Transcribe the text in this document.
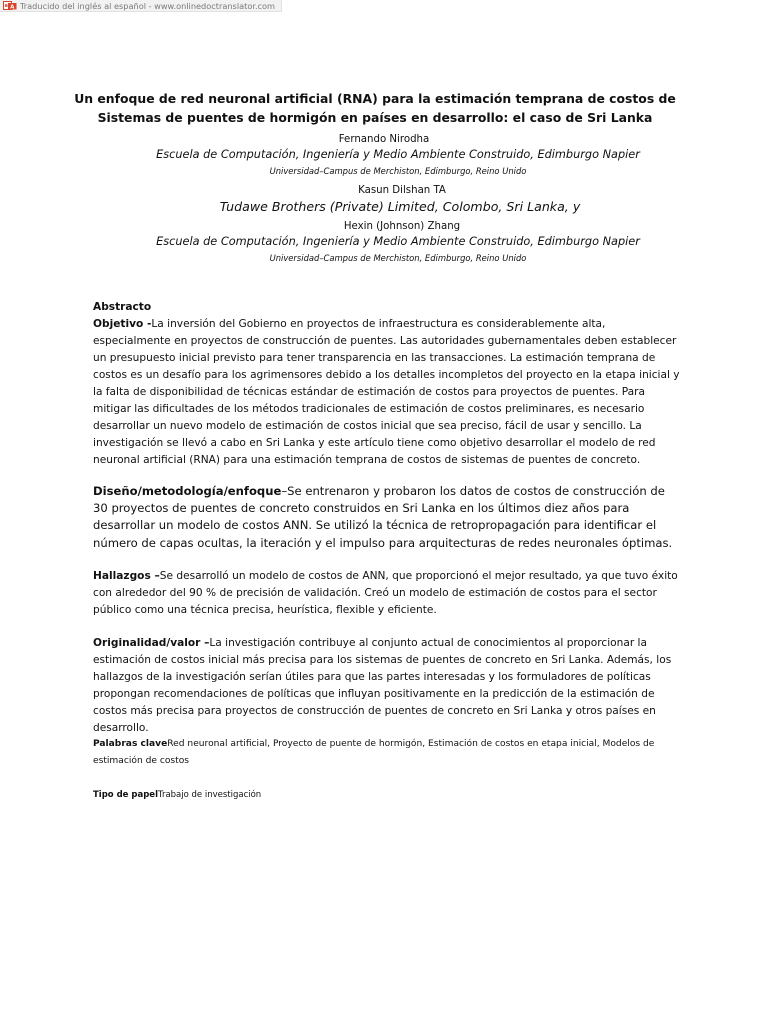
A
a Traducido del inglés al español - www.onlinedoctranslator.com
Un enfoque de red neuronal artificial (RNA) para la estimación temprana de costos de
Sistemas de puentes de hormigón en países en desarrollo: el caso de Sri Lanka
Fernando Nirodha
Escuela de Computación, Ingeniería y Medio Ambiente Construido, Edimburgo Napier
Universidad–Campus de Merchiston, Edimburgo, Reino Unido
Kasun Dilshan TA
Tudawe Brothers (Private) Limited, Colombo, Sri Lanka, y
Hexin (Johnson) Zhang
Escuela de Computación, Ingeniería y Medio Ambiente Construido, Edimburgo Napier
Universidad–Campus de Merchiston, Edimburgo, Reino Unido
Abstracto

Objetivo -La inversión del Gobierno en proyectos de infraestructura es considerablemente alta, especialmente en proyectos de construcción de puentes. Las autoridades gubernamentales deben establecer un presupuesto inicial previsto para tener transparencia en las transacciones. La estimación temprana de costos es un desafío para los agrimensores debido a los detalles incompletos del proyecto en la etapa inicial y la falta de disponibilidad de técnicas estándar de estimación de costos para proyectos de puentes. Para mitigar las dificultades de los métodos tradicionales de estimación de costos preliminares, es necesario desarrollar un nuevo modelo de estimación de costos inicial que sea preciso, fácil de usar y sencillo. La investigación se llevó a cabo en Sri Lanka y este artículo tiene como objetivo desarrollar el modelo de red neuronal artificial (RNA) para una estimación temprana de costos de sistemas de puentes de concreto.

Diseño/metodología/enfoque–Se entrenaron y probaron los datos de costos de construcción de 30 proyectos de puentes de concreto construidos en Sri Lanka en los últimos diez años para desarrollar un modelo de costos ANN. Se utilizó la técnica de retropropagación para identificar el número de capas ocultas, la iteración y el impulso para arquitecturas de redes neuronales óptimas.

Hallazgos –Se desarrolló un modelo de costos de ANN, que proporcionó el mejor resultado, ya que tuvo éxito con alrededor del 90 % de precisión de validación. Creó un modelo de estimación de costos para el sector público como una técnica precisa, heurística, flexible y eficiente.

Originalidad/valor –La investigación contribuye al conjunto actual de conocimientos al proporcionar la estimación de costos inicial más precisa para los sistemas de puentes de concreto en Sri Lanka. Además, los hallazgos de la investigación serían útiles para que las partes interesadas y los formuladores de políticas propongan recomendaciones de políticas que influyan positivamente en la predicción de la estimación de costos más precisa para proyectos de construcción de puentes de concreto en Sri Lanka y otros países en desarrollo.

Palabras claveRed neuronal artificial, Proyecto de puente de hormigón, Estimación de costos en etapa inicial, Modelos de estimación de costos

Tipo de papelTrabajo de investigación
